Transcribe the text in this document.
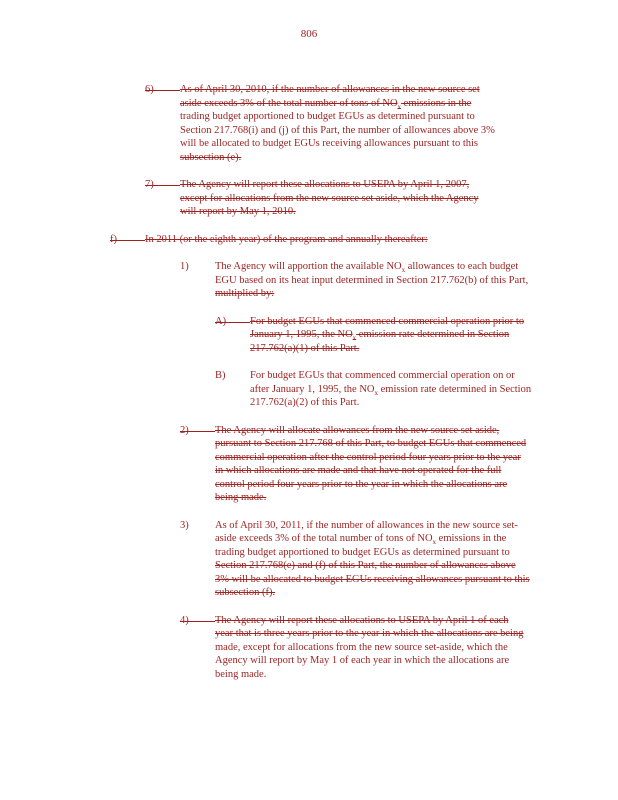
806
6)	As of April 30, 2010, if the number of allowances in the new source set
aside exceeds 3% of the total number of tons of $NO_x$ emissions in the
trading budget apportioned to budget EGUs as determined pursuant to
Section 217.768(i) and (j) of this Part, the number of allowances above 3%
will be allocated to budget EGUs receiving allowances pursuant to this
subsection (e).
7)	The Agency will report these allocations to USEPA by April 1, 2007,
except for allocations from the new source set aside, which the Agency
will report by May 1, 2010.
f)	In 2011 (or the eighth year) of the program and annually thereafter:
1)	The Agency will apportion the available $NO_x$ allowances to each budget
EGU based on its heat input determined in Section 217.762(b) of this Part,
multiplied by:
A)	For budget EGUs that commenced commercial operation prior to
January 1, 1995, the $NO_x$ emission rate determined in Section
217.762(a)(1) of this Part.
B)	For budget EGUs that commenced commercial operation on or
after January 1, 1995, the $NO_x$ emission rate determined in Section
217.762(a)(2) of this Part.
2)	The Agency will allocate allowances from the new source set aside,
pursuant to Section 217.768 of this Part, to budget EGUs that commenced
commercial operation after the control period four years prior to the year
in which allocations are made and that have not operated for the full
control period four years prior to the year in which the allocations are
being made.
3)	As of April 30, 2011, if the number of allowances in the new source set-
aside exceeds 3% of the total number of tons of $NO_x$ emissions in the
trading budget apportioned to budget EGUs as determined pursuant to
Section 217.768(e) and (f) of this Part, the number of allowances above
3% will be allocated to budget EGUs receiving allowances pursuant to this
subsection (f).
4)	The Agency will report these allocations to USEPA by April 1 of each
year that is three years prior to the year in which the allocations are being
made, except for allocations from the new source set-aside, which the
Agency will report by May 1 of each year in which the allocations are
being made.
